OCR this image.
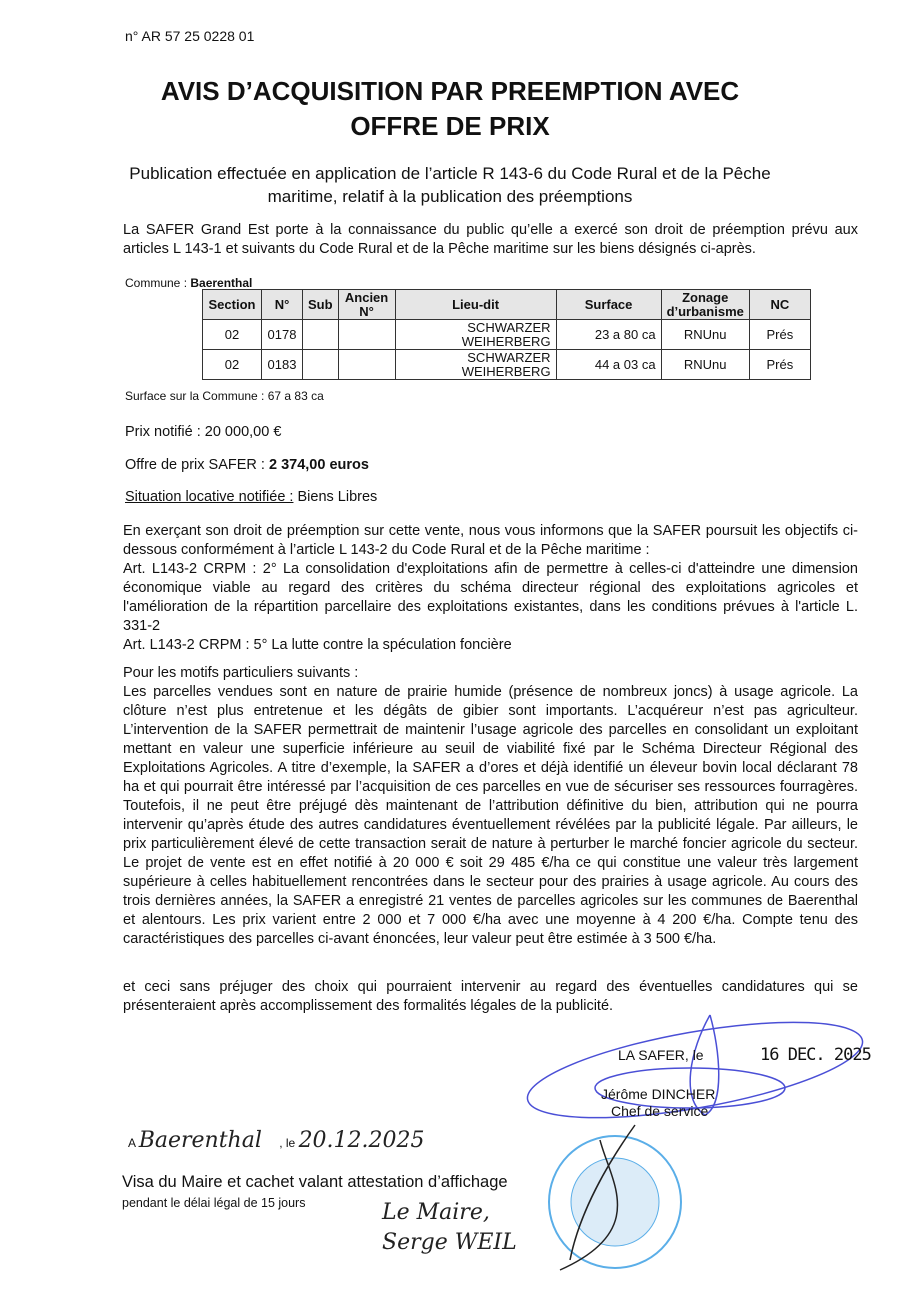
n° AR 57 25 0228 01
AVIS D’ACQUISITION PAR PREEMPTION AVEC
OFFRE DE PRIX
Publication effectuée en application de l’article R 143-6 du Code Rural et de la Pêche maritime, relatif à la publication des préemptions
La SAFER Grand Est porte à la connaissance du public qu’elle a exercé son droit de préemption prévu aux articles L 143-1 et suivants du Code Rural et de la Pêche maritime sur les biens désignés ci-après.
Commune : Baerenthal
Section	N°	Sub	Ancien N°	Lieu-dit	Surface	Zonage d’urbanisme	NC
02	0178			SCHWARZER WEIHERBERG	23 a 80 ca	RNUnu	Prés
02	0183			SCHWARZER WEIHERBERG	44 a 03 ca	RNUnu	Prés
Surface sur la Commune : 67 a 83 ca
Prix notifié : 20 000,00 €
Offre de prix SAFER : 2 374,00 euros
Situation locative notifiée : Biens Libres
En exerçant son droit de préemption sur cette vente, nous vous informons que la SAFER poursuit les objectifs ci-dessous conformément à l’article L 143-2 du Code Rural et de la Pêche maritime :
Art. L143-2 CRPM : 2° La consolidation d'exploitations afin de permettre à celles-ci d'atteindre une dimension économique viable au regard des critères du schéma directeur régional des exploitations agricoles et l'amélioration de la répartition parcellaire des exploitations existantes, dans les conditions prévues à l'article L. 331-2
Art. L143-2 CRPM : 5° La lutte contre la spéculation foncière
Pour les motifs particuliers suivants :
Les parcelles vendues sont en nature de prairie humide (présence de nombreux joncs) à usage agricole. La clôture n’est plus entretenue et les dégâts de gibier sont importants. L’acquéreur n’est pas agriculteur. L’intervention de la SAFER permettrait de maintenir l’usage agricole des parcelles en consolidant un exploitant mettant en valeur une superficie inférieure au seuil de viabilité fixé par le Schéma Directeur Régional des Exploitations Agricoles. A titre d’exemple, la SAFER a d’ores et déjà identifié un éleveur bovin local déclarant 78 ha et qui pourrait être intéressé par l’acquisition de ces parcelles en vue de sécuriser ses ressources fourragères. Toutefois, il ne peut être préjugé dès maintenant de l’attribution définitive du bien, attribution qui ne pourra intervenir qu’après étude des autres candidatures éventuellement révélées par la publicité légale. Par ailleurs, le prix particulièrement élevé de cette transaction serait de nature à perturber le marché foncier agricole du secteur. Le projet de vente est en effet notifié à 20 000 € soit 29 485 €/ha ce qui constitue une valeur très largement supérieure à celles habituellement rencontrées dans le secteur pour des prairies à usage agricole. Au cours des trois dernières années, la SAFER a enregistré 21 ventes de parcelles agricoles sur les communes de Baerenthal et alentours. Les prix varient entre 2 000 et 7 000 €/ha avec une moyenne à 4 200 €/ha. Compte tenu des caractéristiques des parcelles ci-avant énoncées, leur valeur peut être estimée à 3 500 €/ha.
et ceci sans préjuger des choix qui pourraient intervenir au regard des éventuelles candidatures qui se présenteraient après accomplissement des formalités légales de la publicité.
LA SAFER, le	16 DEC. 2025
Jérôme DINCHER
Chef de service
A Baerenthal , le 20.12.2025
Visa du Maire et cachet valant attestation d’affichage
pendant le délai légal de 15 jours	Le Maire, Serge WEIL
